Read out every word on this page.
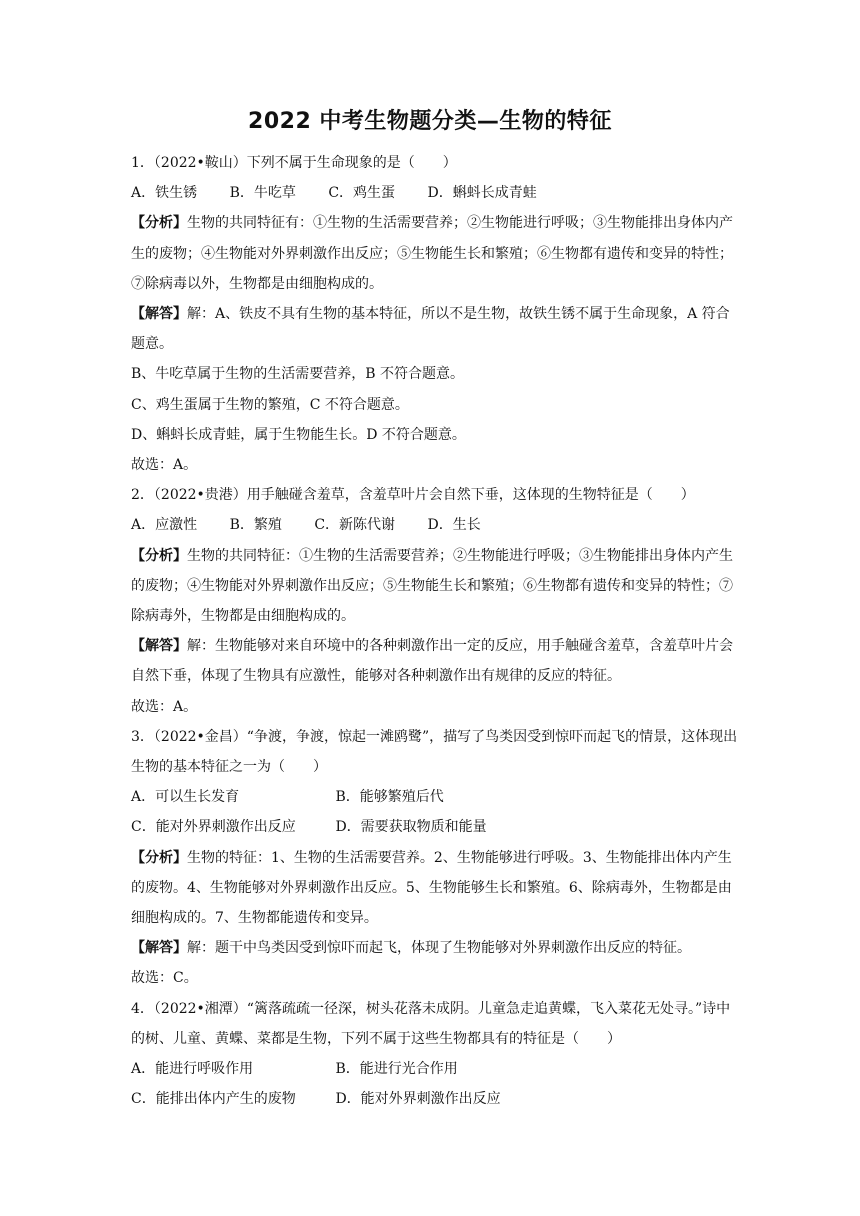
2022 中考生物题分类—生物的特征

1．（2022•鞍山）下列不属于生命现象的是（　　）

A．铁生锈 B．牛吃草 C．鸡生蛋 D．蝌蚪长成青蛙

【分析】生物的共同特征有：①生物的生活需要营养；②生物能进行呼吸；③生物能排出身体内产生的废物；④生物能对外界刺激作出反应；⑤生物能生长和繁殖；⑥生物都有遗传和变异的特性；⑦除病毒以外，生物都是由细胞构成的。

【解答】解：A、铁皮不具有生物的基本特征，所以不是生物，故铁生锈不属于生命现象，A 符合题意。

B、牛吃草属于生物的生活需要营养，B 不符合题意。

C、鸡生蛋属于生物的繁殖，C 不符合题意。

D、蝌蚪长成青蛙，属于生物能生长。D 不符合题意。

故选：A。

2．（2022•贵港）用手触碰含羞草，含羞草叶片会自然下垂，这体现的生物特征是（　　）

A．应激性 B．繁殖 C．新陈代谢 D．生长

【分析】生物的共同特征：①生物的生活需要营养；②生物能进行呼吸；③生物能排出身体内产生的废物；④生物能对外界刺激作出反应；⑤生物能生长和繁殖；⑥生物都有遗传和变异的特性；⑦除病毒外，生物都是由细胞构成的。

【解答】解：生物能够对来自环境中的各种刺激作出一定的反应，用手触碰含羞草，含羞草叶片会自然下垂，体现了生物具有应激性，能够对各种刺激作出有规律的反应的特征。

故选：A。

3．（2022•金昌）“争渡，争渡，惊起一滩鸥鹭”，描写了鸟类因受到惊吓而起飞的情景，这体现出生物的基本特征之一为（　　）

A．可以生长发育	B．能够繁殖后代

C．能对外界刺激作出反应	D．需要获取物质和能量

【分析】生物的特征：1、生物的生活需要营养。2、生物能够进行呼吸。3、生物能排出体内产生的废物。4、生物能够对外界刺激作出反应。5、生物能够生长和繁殖。6、除病毒外，生物都是由细胞构成的。7、生物都能遗传和变异。

【解答】解：题干中鸟类因受到惊吓而起飞，体现了生物能够对外界刺激作出反应的特征。

故选：C。

4．（2022•湘潭）“篱落疏疏一径深，树头花落未成阴。儿童急走追黄蝶，飞入菜花无处寻。”诗中的树、儿童、黄蝶、菜都是生物，下列不属于这些生物都具有的特征是（　　）

A．能进行呼吸作用	B．能进行光合作用

C．能排出体内产生的废物	D．能对外界刺激作出反应
